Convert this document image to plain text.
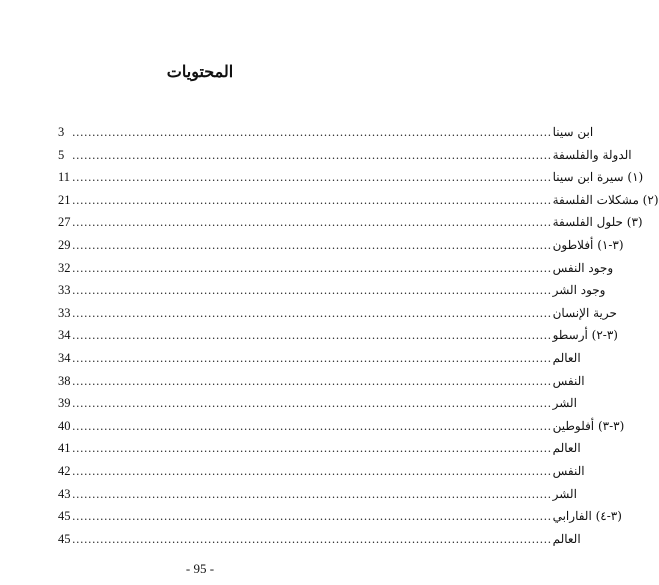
المحتويات
3 ........................................................................................................................ ابن سينا
5 ........................................................................................................................ الدولة والفلسفة
11 ........................................................................................................................ (١) سيرة ابن سينا
21 ........................................................................................................................ (٢) مشكلات الفلسفة
27 ........................................................................................................................ (٣) حلول الفلسفة
29 ........................................................................................................................ (٣-١) أفلاطون
32 ........................................................................................................................ وجود النفس
33 ........................................................................................................................ وجود الشر
33 ........................................................................................................................ حرية الإنسان
34 ........................................................................................................................ (٣-٢) أرسطو
34 ........................................................................................................................ العالم
38 ........................................................................................................................ النفس
39 ........................................................................................................................ الشر
40 ........................................................................................................................ (٣-٣) أفلوطين
41 ........................................................................................................................ العالم
42 ........................................................................................................................ النفس
43 ........................................................................................................................ الشر
45 ........................................................................................................................ (٣-٤) الفارابي
45 ........................................................................................................................ العالم
- 95 -
